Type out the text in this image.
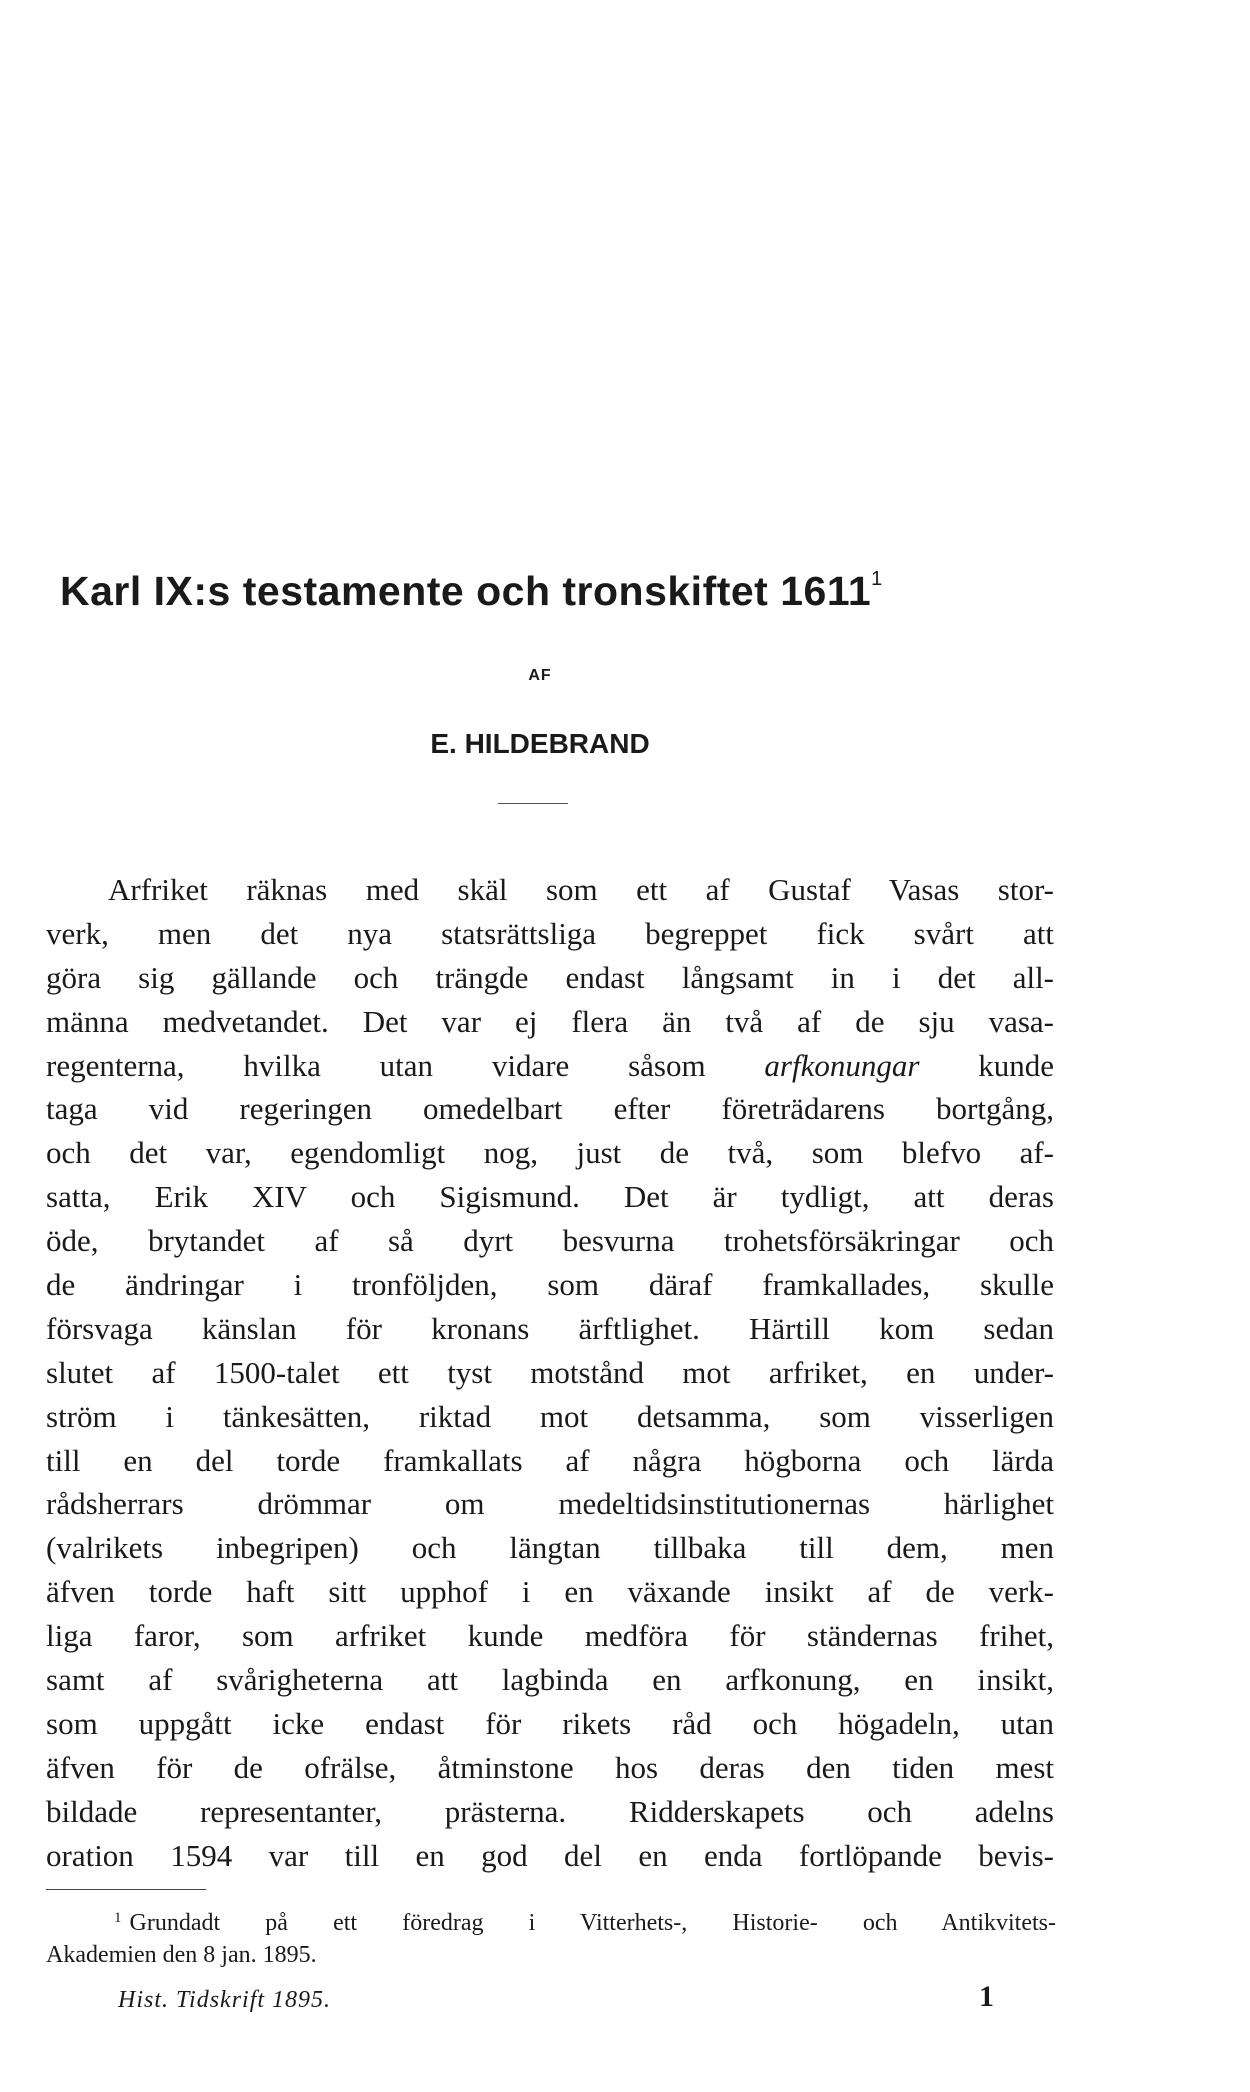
Karl IX:s testamente och tronskiftet 1611$^1$
AF
E. HILDEBRAND
Arfriket räknas med skäl som ett af Gustaf Vasas stor-
verk, men det nya statsrättsliga begreppet fick svårt att
göra sig gällande och trängde endast långsamt in i det all-
männa medvetandet. Det var ej flera än två af de sju vasa-
regenterna, hvilka utan vidare såsom arfkonungar kunde
taga vid regeringen omedelbart efter företrädarens bortgång,
och det var, egendomligt nog, just de två, som blefvo af-
satta, Erik XIV och Sigismund. Det är tydligt, att deras
öde, brytandet af så dyrt besvurna trohetsförsäkringar och
de ändringar i tronföljden, som däraf framkallades, skulle
försvaga känslan för kronans ärftlighet. Härtill kom sedan
slutet af 1500-talet ett tyst motstånd mot arfriket, en under-
ström i tänkesätten, riktad mot detsamma, som visserligen
till en del torde framkallats af några högborna och lärda
rådsherrars drömmar om medeltidsinstitutionernas härlighet
(valrikets inbegripen) och längtan tillbaka till dem, men
äfven torde haft sitt upphof i en växande insikt af de verk-
liga faror, som arfriket kunde medföra för ständernas frihet,
samt af svårigheterna att lagbinda en arfkonung, en insikt,
som uppgått icke endast för rikets råd och högadeln, utan
äfven för de ofrälse, åtminstone hos deras den tiden mest
bildade representanter, prästerna. Ridderskapets och adelns
oration 1594 var till en god del en enda fortlöpande bevis-
$^1$ Grundadt på ett föredrag i Vitterhets-, Historie- och Antikvitets-
Akademien den 8 jan. 1895.
Hist. Tidskrift 1895.	1
